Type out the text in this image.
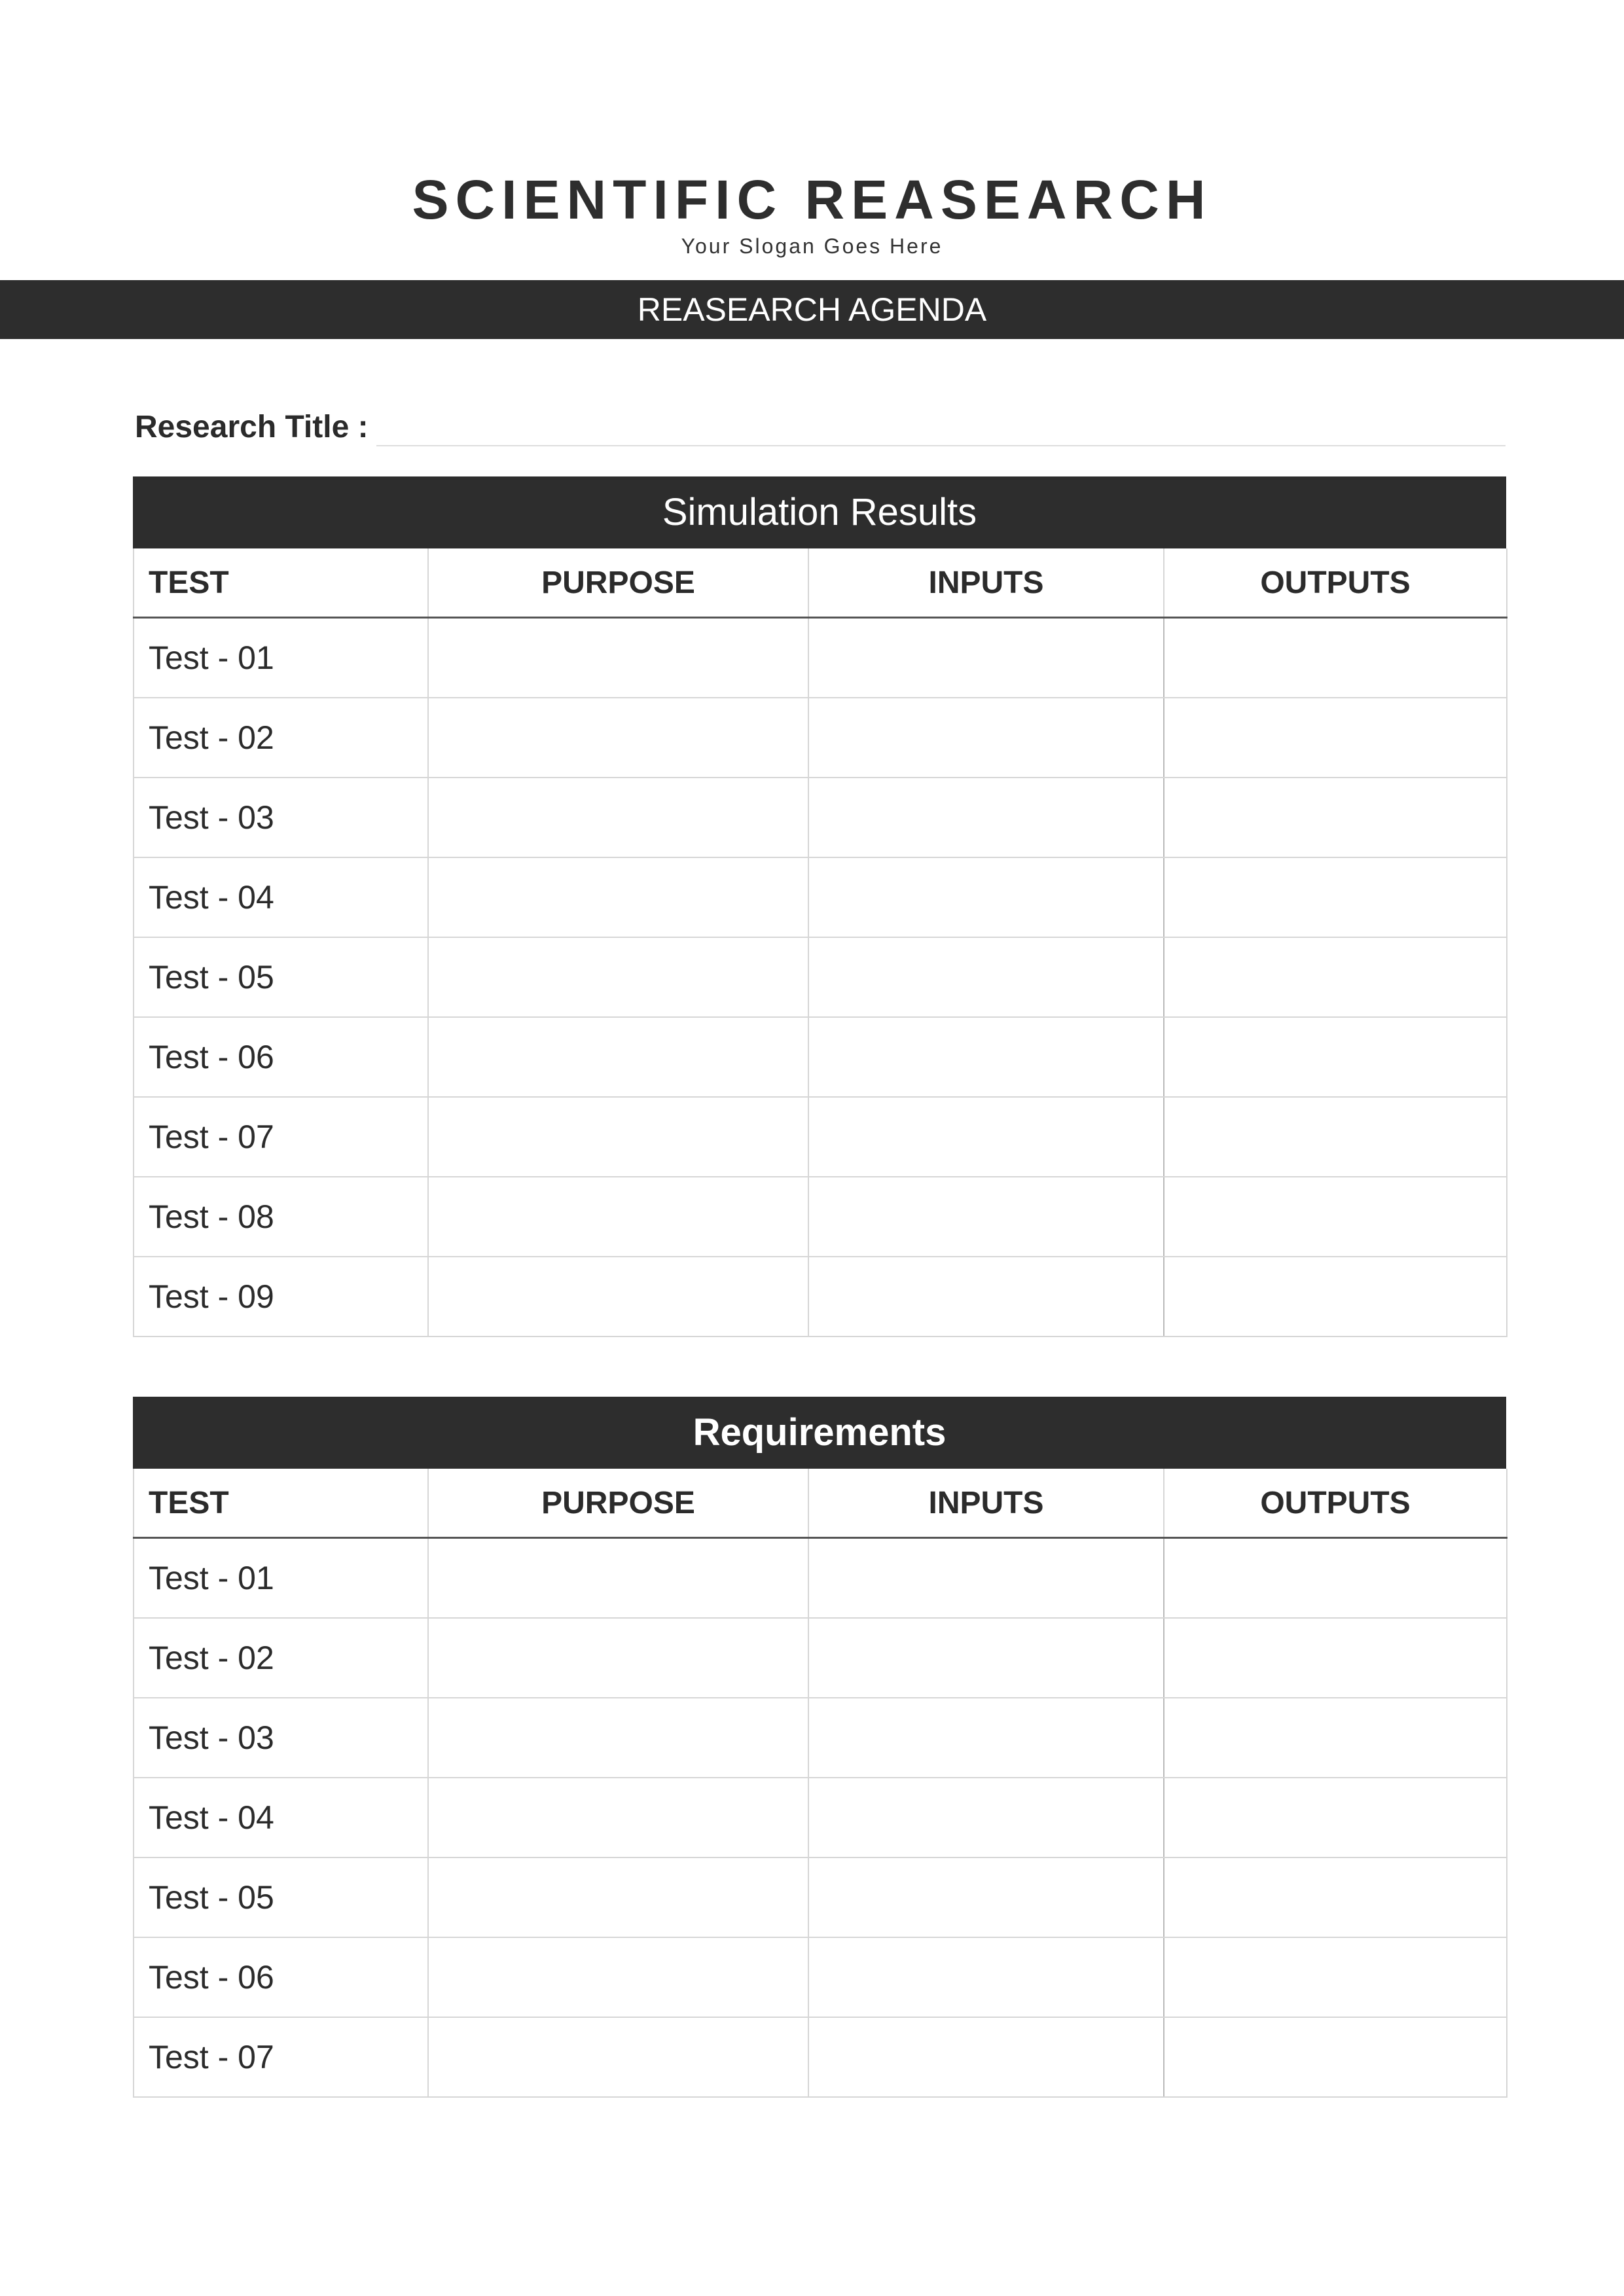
SCIENTIFIC REASEARCH
Your Slogan Goes Here
REASEARCH AGENDA
Research Title :
Simulation Results
TEST	PURPOSE	INPUTS	OUTPUTS
Test - 01			
Test - 02			
Test - 03			
Test - 04			
Test - 05			
Test - 06			
Test - 07			
Test - 08			
Test - 09			
Requirements
TEST	PURPOSE	INPUTS	OUTPUTS
Test - 01			
Test - 02			
Test - 03			
Test - 04			
Test - 05			
Test - 06			
Test - 07			
